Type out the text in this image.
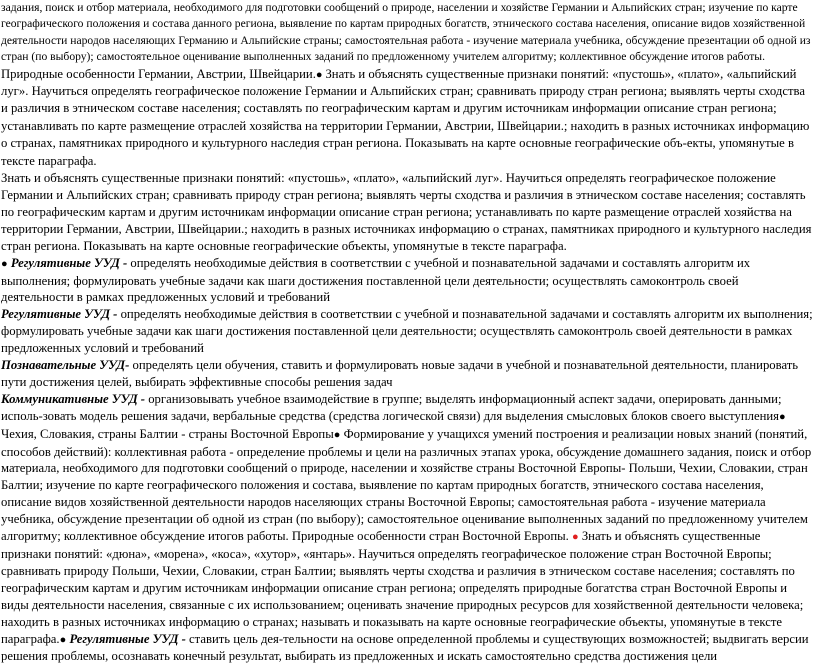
задания, поиск и отбор материала, необходимого для подготовки сообщений о природе, населении и хозяйстве Германии и Альпийских стран; изучение по карте географического положения и состава данного региона, выявление по картам природных богатств, этнического состава населения, описание видов хозяйственной деятельности народов населяющих Германию и Альпийские страны; самостоятельная работа - изучение материала учебника, обсуждение презентации об одной из стран (по выбору); самостоятельное оценивание выполненных заданий по предложенному учителем алгоритму; коллективное обсуждение итогов работы. Природные особенности Германии, Австрии, Швейцарии.● Знать и объяснять существенные признаки понятий: «пустошь», «плато», «альпийский луг». Научиться определять географическое положение Германии и Альпийских стран; сравнивать природу стран региона; выявлять черты сходства и различия в этническом составе населения; составлять по географическим картам и другим источникам информации описание стран региона; устанавливать по карте размещение отраслей хозяйства на территории Германии, Австрии, Швейцарии.; находить в разных источниках информацию о странах, памятниках природного и культурного наследия стран региона. Показывать на карте основные географические объ-екты, упомянутые в тексте параграфа.

Знать и объяснять существенные признаки понятий: «пустошь», «плато», «альпийский луг». Научиться определять географическое положение Германии и Альпийских стран; сравнивать природу стран региона; выявлять черты сходства и различия в этническом составе населения; составлять по географическим картам и другим источникам информации описание стран региона; устанавливать по карте размещение отраслей хозяйства на территории Германии, Австрии, Швейцарии.; находить в разных источниках информацию о странах, памятниках природного и культурного наследия стран региона. Показывать на карте основные географические объекты, упомянутые в тексте параграфа.

● Регулятивные УУД - определять необходимые действия в соответствии с учебной и познавательной задачами и составлять алгоритм их выполнения; формулировать учебные задачи как шаги достижения поставленной цели деятельности; осуществлять самоконтроль своей деятельности в рамках предложенных условий и требований

Регулятивные УУД - определять необходимые действия в соответствии с учебной и познавательной задачами и составлять алгоритм их выполнения; формулировать учебные задачи как шаги достижения поставленной цели деятельности; осуществлять самоконтроль своей деятельности в рамках предложенных условий и требований

Познавательные УУД- определять цели обучения, ставить и формулировать новые задачи в учебной и познавательной деятельности, планировать пути достижения целей, выбирать эффективные способы решения задач

Коммуникативные УУД - организовывать учебное взаимодействие в группе; выделять информационный аспект задачи, оперировать данными; исполь-зовать модель решения задачи, вербальные средства (средства логической связи) для выделения смысловых блоков своего выступления●

Чехия, Словакия, страны Балтии - страны Восточной Европы● Формирование у учащихся умений построения и реализации новых знаний (понятий, способов действий): коллективная работа - определение проблемы и цели на различных этапах урока, обсуждение домашнего задания, поиск и отбор материала, необходимого для подготовки сообщений о природе, населении и хозяйстве страны Восточной Европы- Польши, Чехии, Словакии, стран Балтии; изучение по карте географического положения и состава, выявление по картам природных богатств, этнического состава населения, описание видов хозяйственной деятельности народов населяющих страны Восточной Европы; самостоятельная работа - изучение материала учебника, обсуждение презентации об одной из стран (по выбору); самостоятельное оценивание выполненных заданий по предложенному учителем алгоритму; коллективное обсуждение итогов работы. Природные особенности стран Восточной Европы. ● Знать и объяснять существенные признаки понятий: «дюна», «морена», «коса», «хутор», «янтарь». Научиться определять географическое положение стран Восточной Европы; сравнивать природу Польши, Чехии, Словакии, стран Балтии; выявлять черты сходства и различия в этническом составе населения; составлять по географическим картам и другим источникам информации описание стран региона; определять природные богатства стран Восточной Европы и виды деятельности населения, связанные с их использованием; оценивать значение природных ресурсов для хозяйственной деятельности человека; находить в разных источниках информацию о странах; называть и показывать на карте основные географические объекты, упомянутые в тексте параграфа.● Регулятивные УУД - ставить цель дея-тельности на основе определенной проблемы и существующих возможностей; выдвигать версии решения проблемы, осознавать конечный результат, выбирать из предложенных и искать самостоятельно средства достижения цели
